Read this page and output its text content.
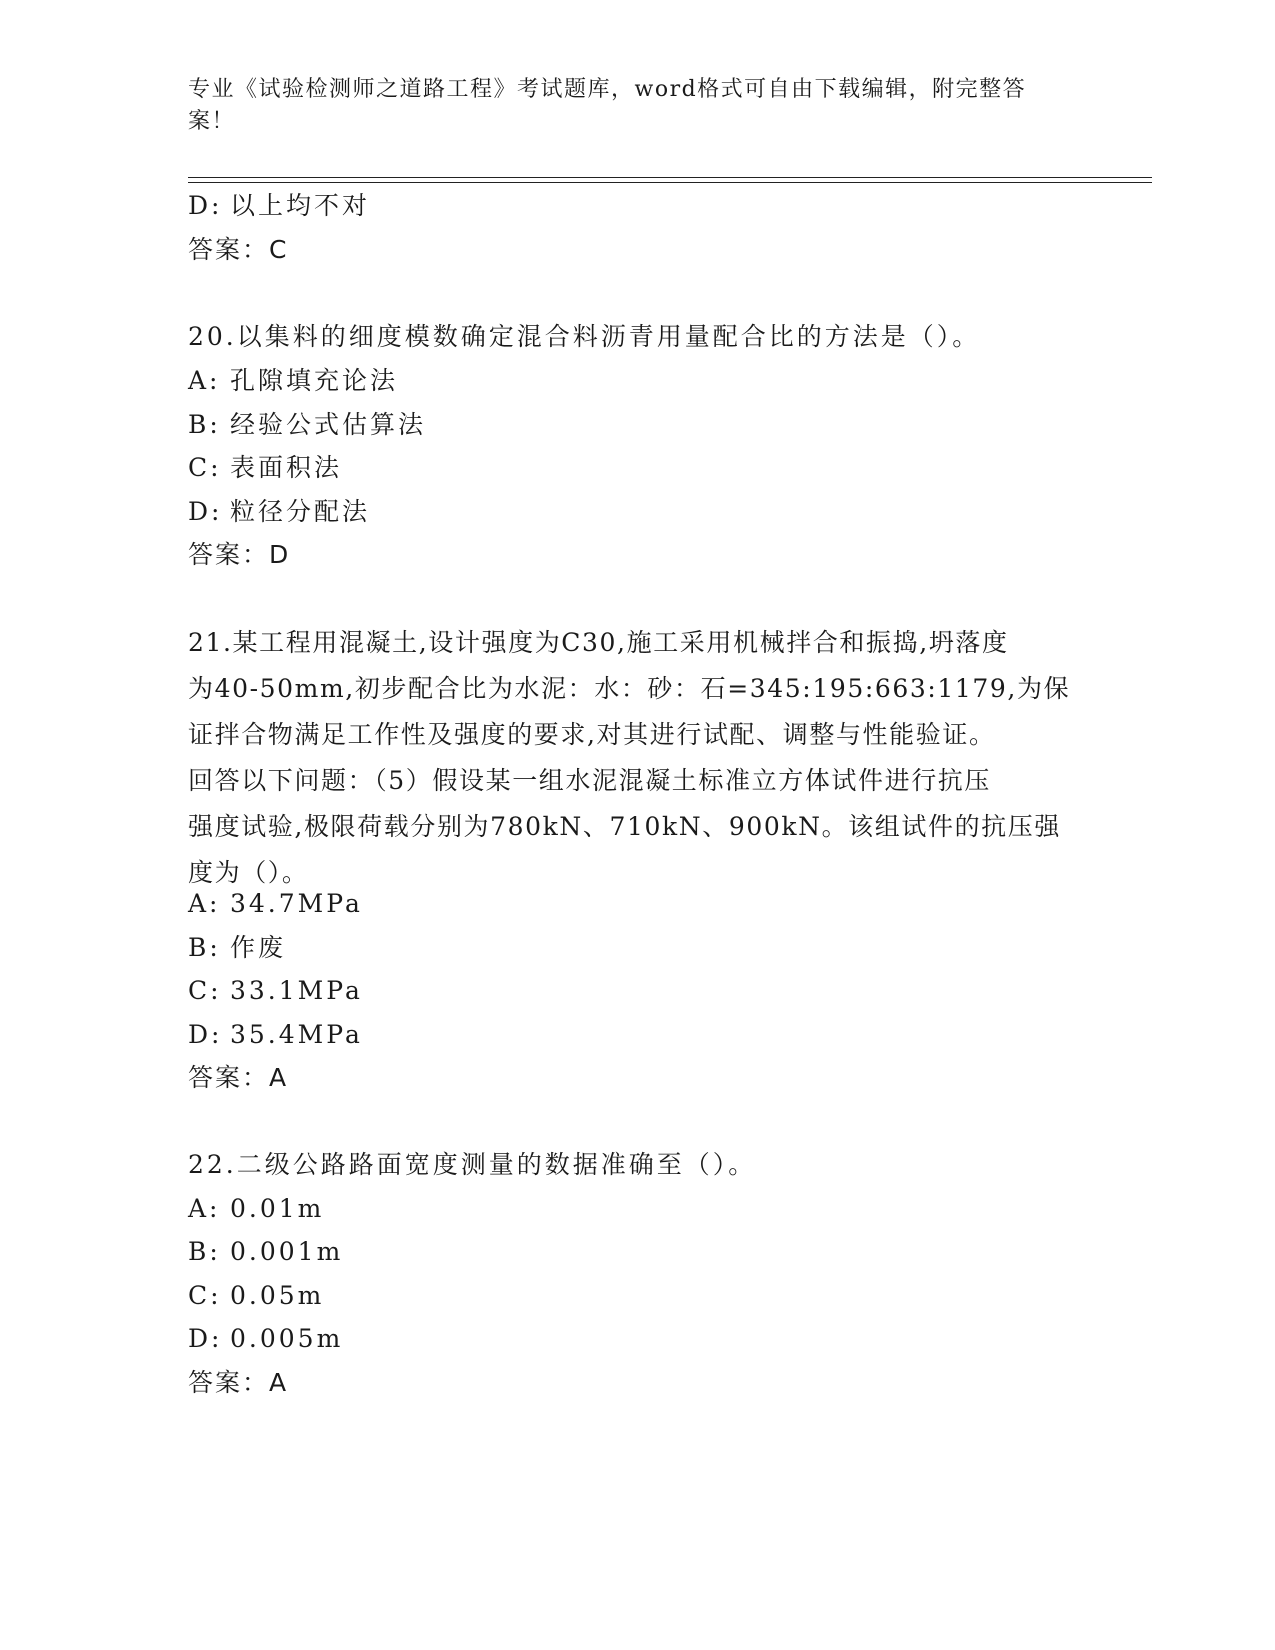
专业《试验检测师之道路工程》考试题库，word格式可自由下载编辑，附完整答
案！
D: 以上均不对
答案：C
20.以集料的细度模数确定混合料沥青用量配合比的方法是（）。
A: 孔隙填充论法
B: 经验公式估算法
C: 表面积法
D: 粒径分配法
答案：D
21.某工程用混凝土,设计强度为C30,施工采用机械拌合和振捣,坍落度
为40-50mm,初步配合比为水泥：水：砂：石=345:195:663:1179,为保
证拌合物满足工作性及强度的要求,对其进行试配、调整与性能验证。
回答以下问题：（5）假设某一组水泥混凝土标准立方体试件进行抗压
强度试验,极限荷载分别为780kN、710kN、900kN。该组试件的抗压强
度为（）。
A: 34.7MPa
B: 作废
C: 33.1MPa
D: 35.4MPa
答案：A
22.二级公路路面宽度测量的数据准确至（）。
A: 0.01m
B: 0.001m
C: 0.05m
D: 0.005m
答案：A
